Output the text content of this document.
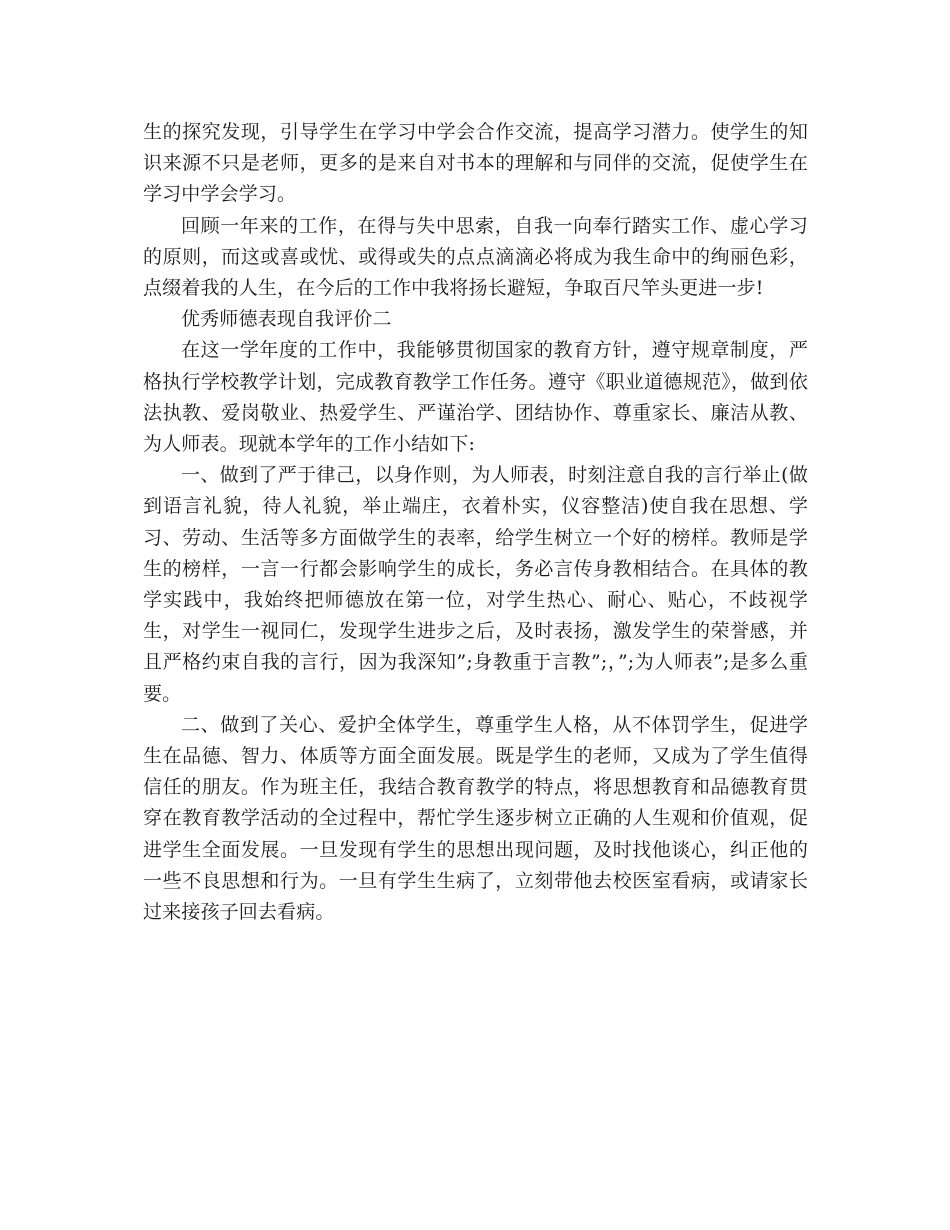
生的探究发现，引导学生在学习中学会合作交流，提高学习潜力。使学生的知识来源不只是老师，更多的是来自对书本的理解和与同伴的交流，促使学生在学习中学会学习。

回顾一年来的工作，在得与失中思索，自我一向奉行踏实工作、虚心学习的原则，而这或喜或忧、或得或失的点点滴滴必将成为我生命中的绚丽色彩，点缀着我的人生，在今后的工作中我将扬长避短，争取百尺竿头更进一步!

优秀师德表现自我评价二

在这一学年度的工作中，我能够贯彻国家的教育方针，遵守规章制度，严格执行学校教学计划，完成教育教学工作任务。遵守《职业道德规范》，做到依法执教、爱岗敬业、热爱学生、严谨治学、团结协作、尊重家长、廉洁从教、为人师表。现就本学年的工作小结如下:

一、做到了严于律己，以身作则，为人师表，时刻注意自我的言行举止(做到语言礼貌，待人礼貌，举止端庄，衣着朴实，仪容整洁)使自我在思想、学习、劳动、生活等多方面做学生的表率，给学生树立一个好的榜样。教师是学生的榜样，一言一行都会影响学生的成长，务必言传身教相结合。在具体的教学实践中，我始终把师德放在第一位，对学生热心、耐心、贴心，不歧视学生，对学生一视同仁，发现学生进步之后，及时表扬，激发学生的荣誉感，并且严格约束自我的言行，因为我深知”;身教重于言教”;，”;为人师表”;是多么重要。

二、做到了关心、爱护全体学生，尊重学生人格，从不体罚学生，促进学生在品德、智力、体质等方面全面发展。既是学生的老师，又成为了学生值得信任的朋友。作为班主任，我结合教育教学的特点，将思想教育和品德教育贯穿在教育教学活动的全过程中，帮忙学生逐步树立正确的人生观和价值观，促进学生全面发展。一旦发现有学生的思想出现问题，及时找他谈心，纠正他的一些不良思想和行为。一旦有学生生病了，立刻带他去校医室看病，或请家长过来接孩子回去看病。
